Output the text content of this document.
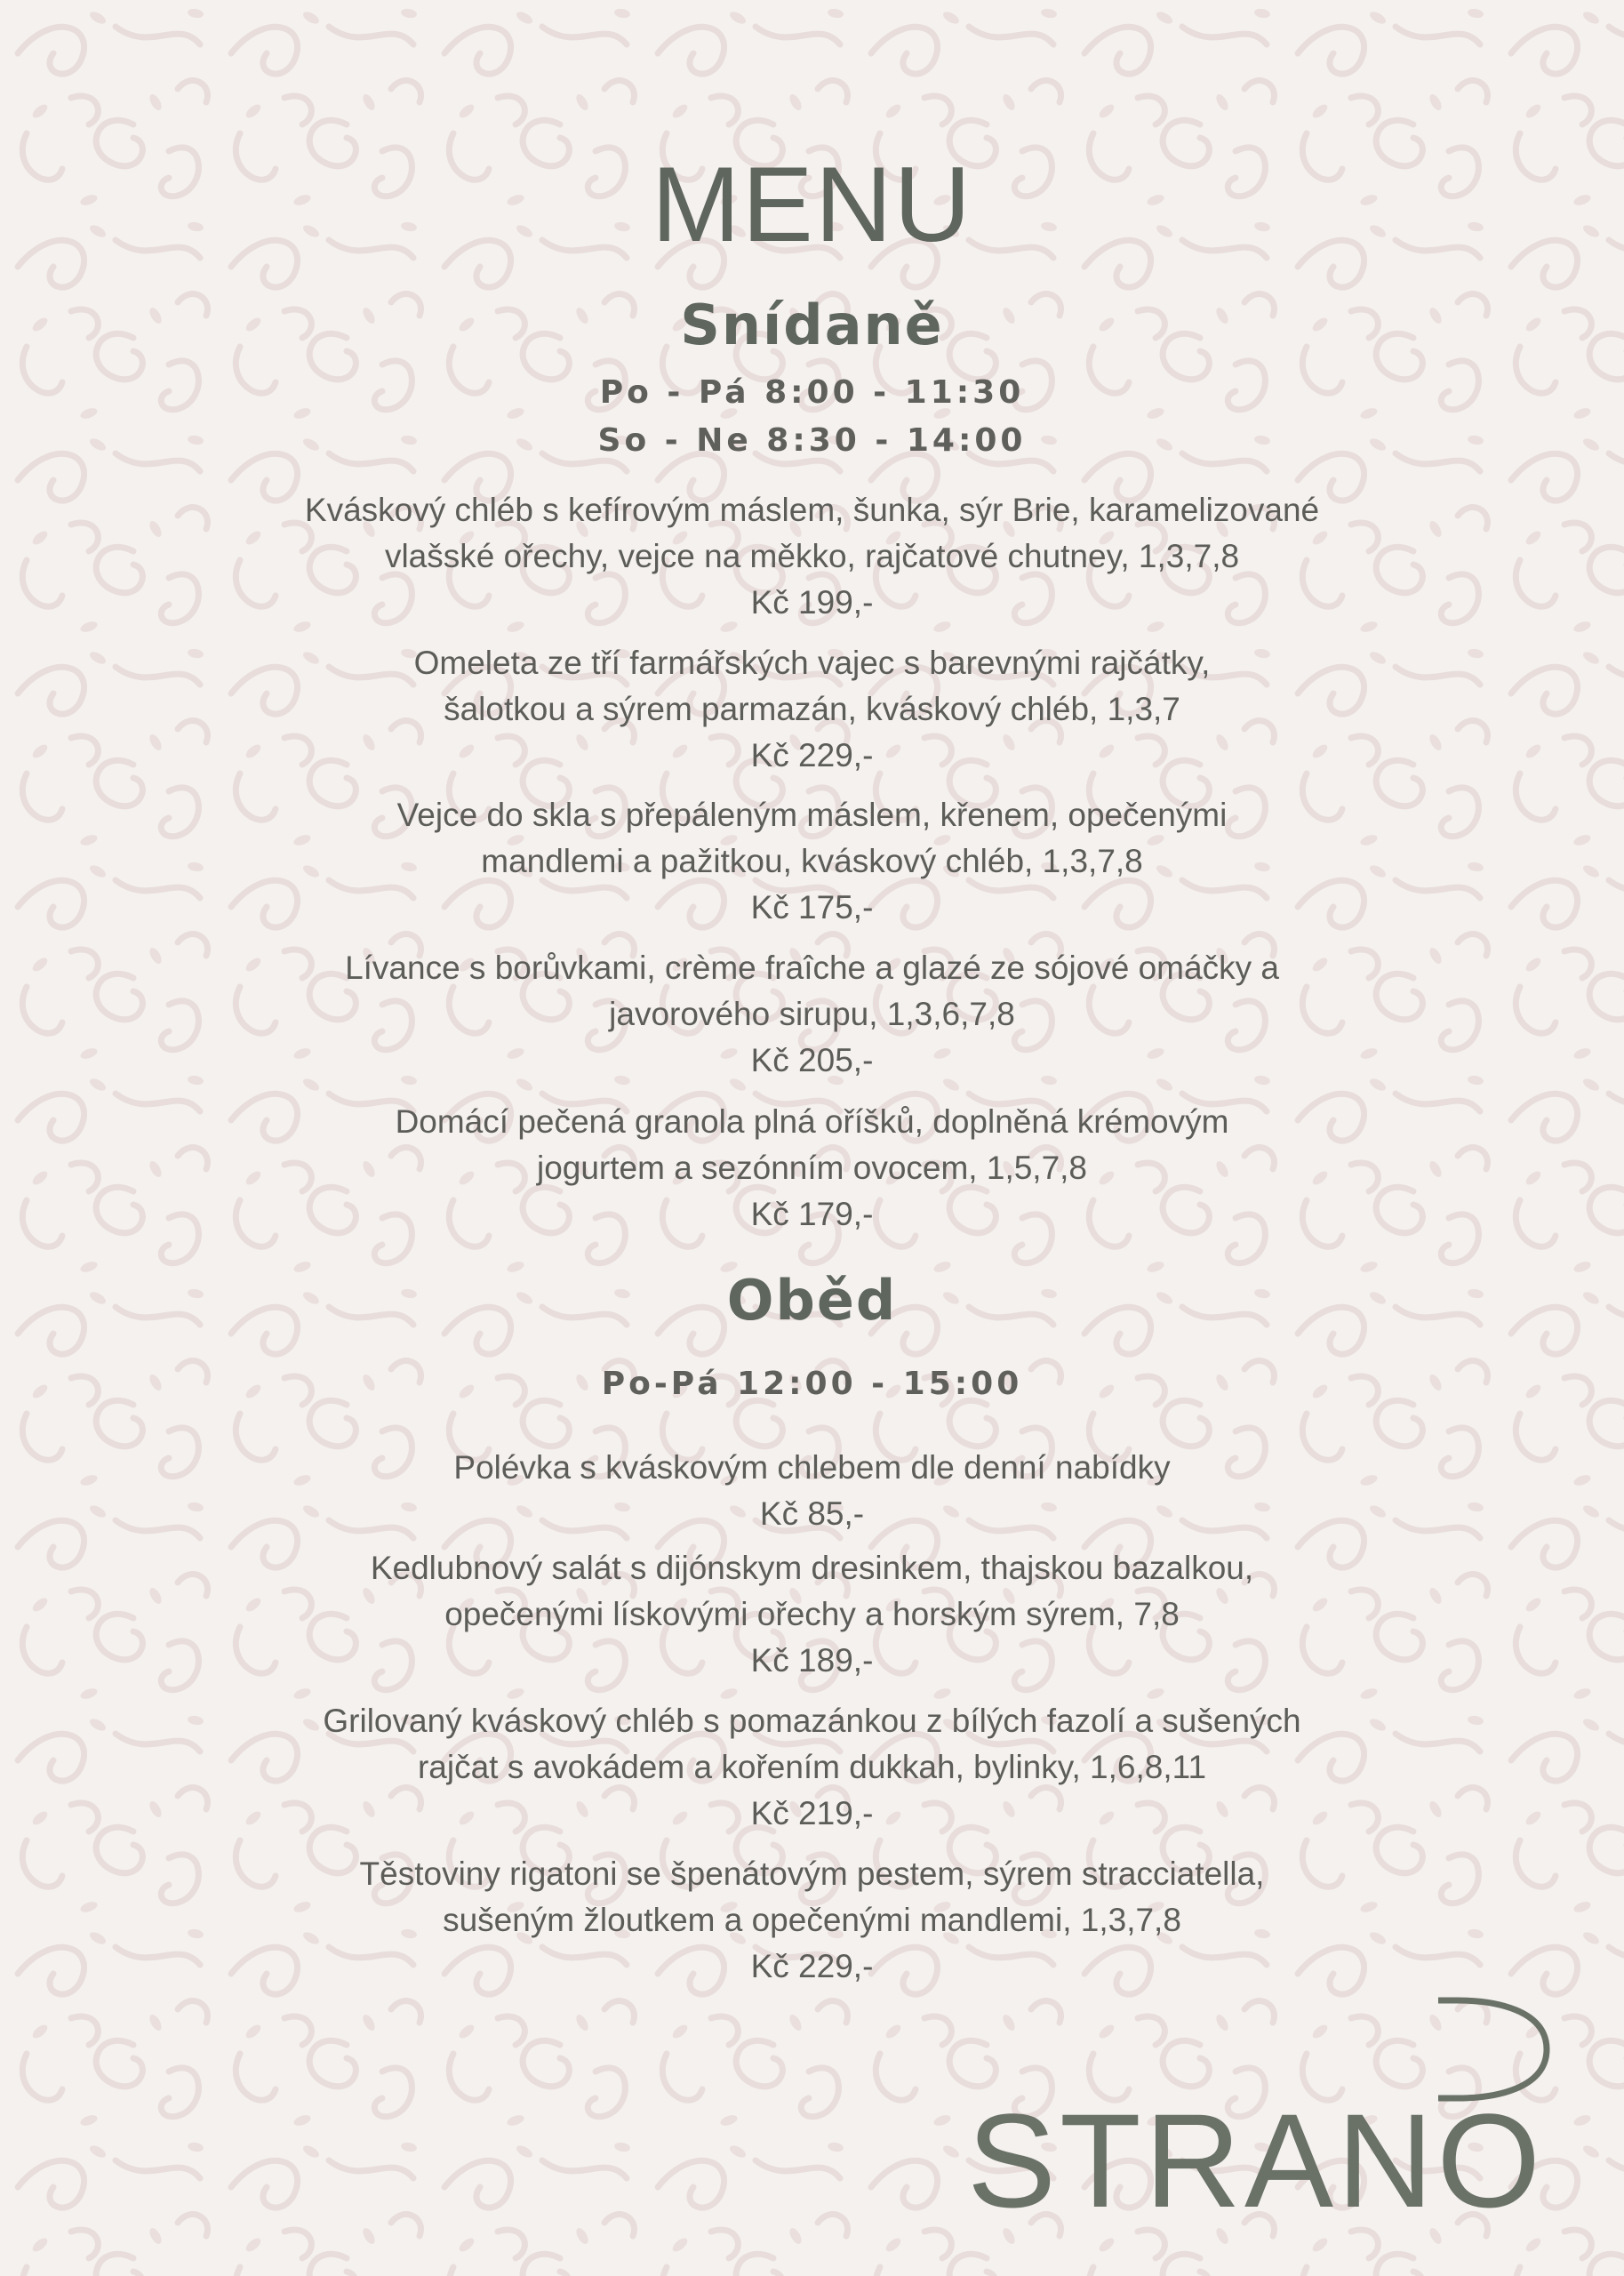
MENU
Snídaně
Po - Pá 8:00 - 11:30
So - Ne 8:30 - 14:00
Kváskový chléb s kefírovým máslem, šunka, sýr Brie, karamelizované
vlašské ořechy, vejce na měkko, rajčatové chutney, 1,3,7,8
Kč 199,-
Omeleta ze tří farmářských vajec s barevnými rajčátky,
šalotkou a sýrem parmazán, kváskový chléb, 1,3,7
Kč 229,-
Vejce do skla s přepáleným máslem, křenem, opečenými
mandlemi a pažitkou, kváskový chléb, 1,3,7,8
Kč 175,-
Lívance s borůvkami, crème fraîche a glazé ze sójové omáčky a
javorového sirupu, 1,3,6,7,8
Kč 205,-
Domácí pečená granola plná oříšků, doplněná krémovým
jogurtem a sezónním ovocem, 1,5,7,8
Kč 179,-
Oběd
Po-Pá 12:00 - 15:00
Polévka s kváskovým chlebem dle denní nabídky
Kč 85,-
Kedlubnový salát s dijónskym dresinkem, thajskou bazalkou,
opečenými lískovými ořechy a horským sýrem, 7,8
Kč 189,-
Grilovaný kváskový chléb s pomazánkou z bílých fazolí a sušených
rajčat s avokádem a kořením dukkah, bylinky, 1,6,8,11
Kč 219,-
Těstoviny rigatoni se špenátovým pestem, sýrem stracciatella,
sušeným žloutkem a opečenými mandlemi, 1,3,7,8
Kč 229,-
STRANO
